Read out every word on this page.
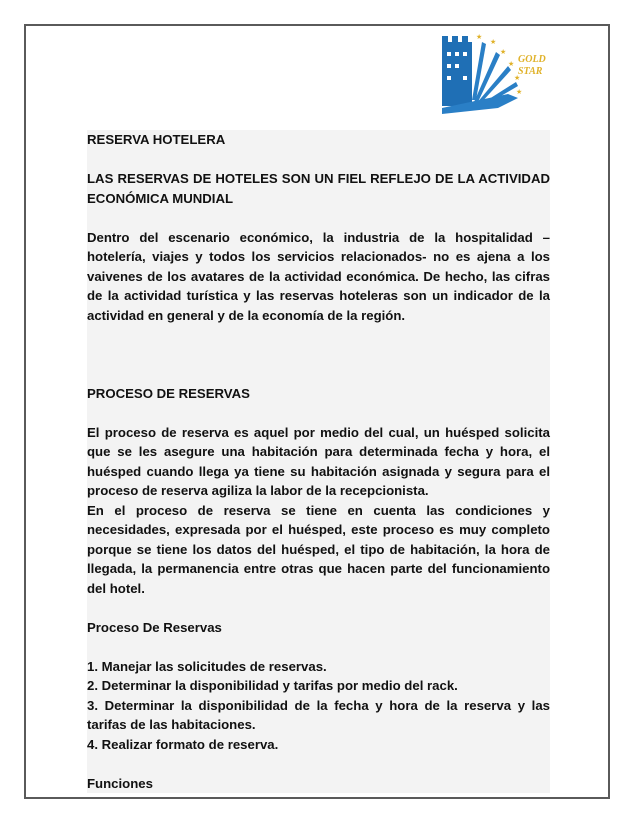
★
★
★
★
★
★
GOLD
STAR

RESERVA HOTELERA

LAS RESERVAS DE HOTELES SON UN FIEL REFLEJO DE LA ACTIVIDAD ECONÓMICA MUNDIAL

Dentro del escenario económico, la industria de la hospitalidad – hotelería, viajes y todos los servicios relacionados- no es ajena a los vaivenes de los avatares de la actividad económica. De hecho, las cifras de la actividad turística y las reservas hoteleras son un indicador de la actividad en general y de la economía de la región.

PROCESO DE RESERVAS

El proceso de reserva es aquel por medio del cual, un huésped solicita que se les asegure una habitación para determinada fecha y hora, el huésped cuando llega ya tiene su habitación asignada y segura para el proceso de reserva agiliza la labor de la recepcionista.

En el proceso de reserva se tiene en cuenta las condiciones y necesidades, expresada por el huésped, este proceso es muy completo porque se tiene los datos del huésped, el tipo de habitación, la hora de llegada, la permanencia entre otras que hacen parte del funcionamiento del hotel.

Proceso De Reservas

1. Manejar las solicitudes de reservas.

2. Determinar la disponibilidad y tarifas por medio del rack.

3. Determinar la disponibilidad de la fecha y hora de la reserva y las tarifas de las habitaciones.

4. Realizar formato de reserva.

Funciones
